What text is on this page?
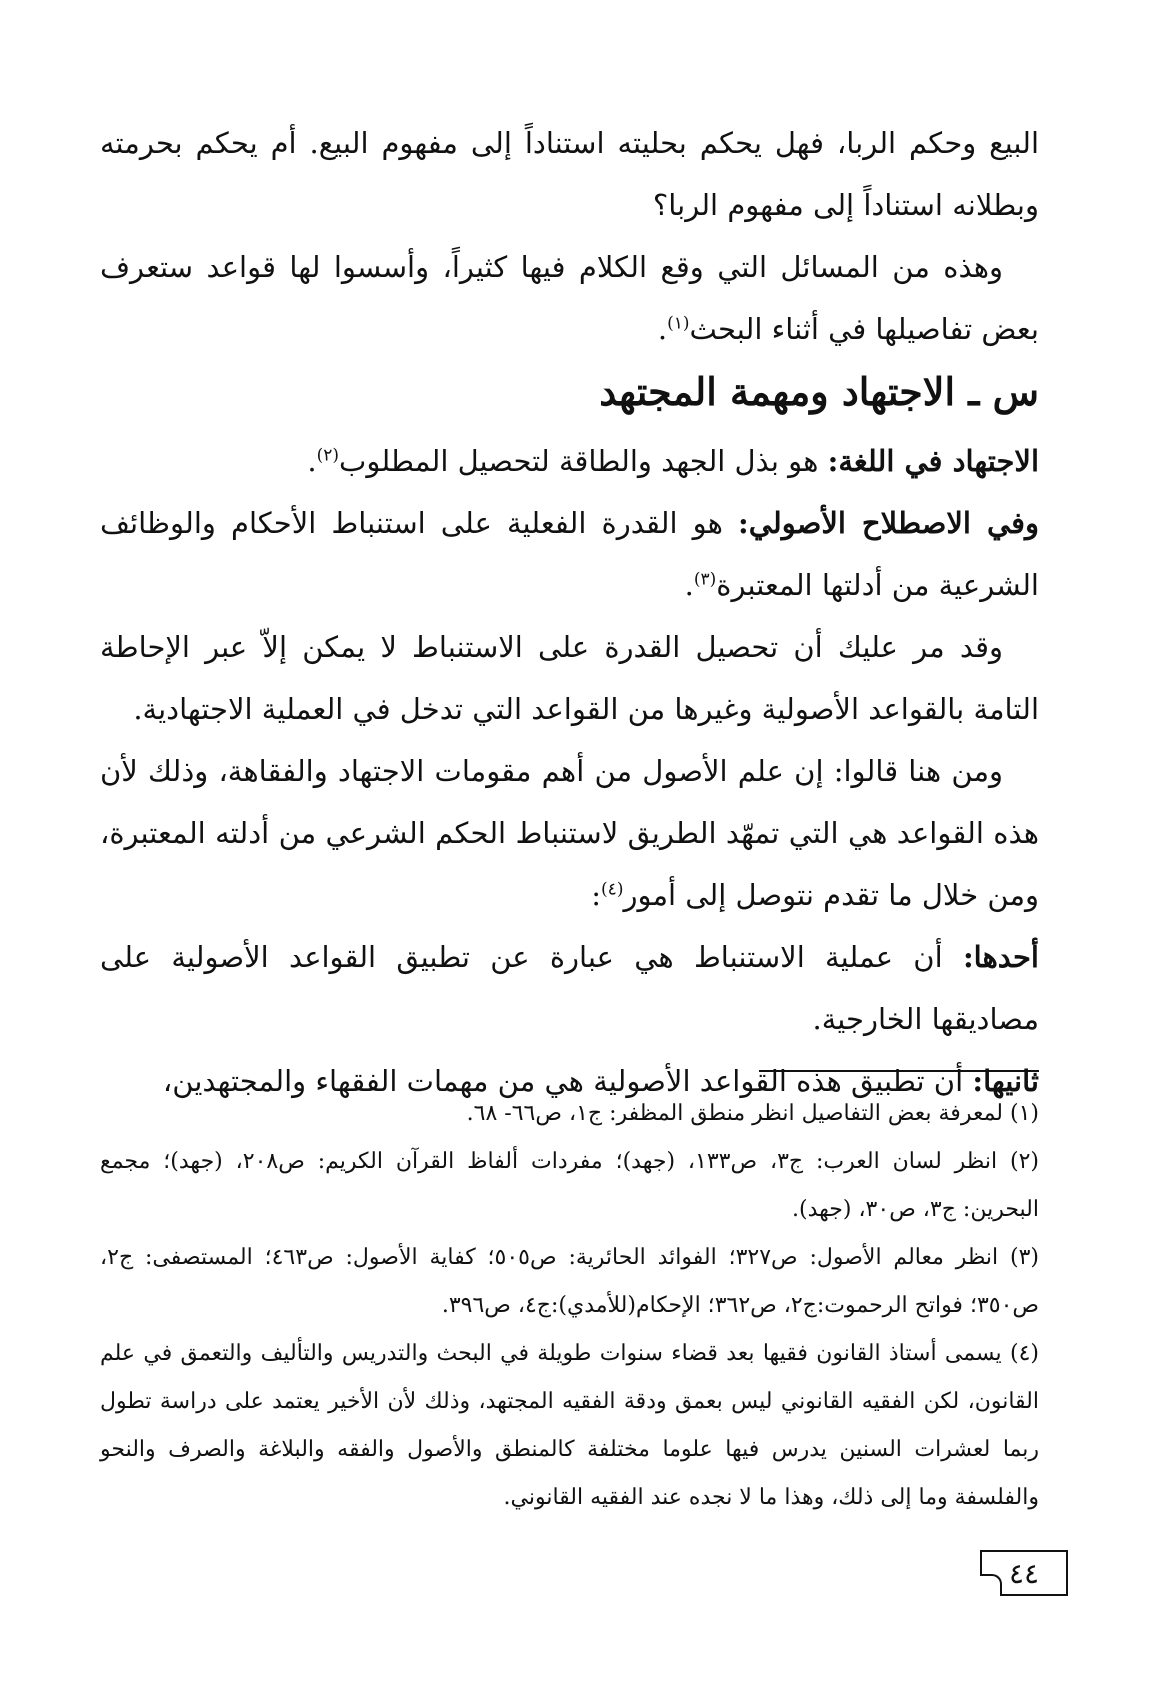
البيع وحكم الربا، فهل يحكم بحليته استناداً إلى مفهوم البيع. أم يحكم بحرمته وبطلانه استناداً إلى مفهوم الربا؟

وهذه من المسائل التي وقع الكلام فيها كثيراً، وأسسوا لها قواعد ستعرف بعض تفاصيلها في أثناء البحث$^{(١)}$.

س ـ الاجتهاد ومهمة المجتهد

الاجتهاد في اللغة: هو بذل الجهد والطاقة لتحصيل المطلوب$^{(٢)}$.

وفي الاصطلاح الأصولي: هو القدرة الفعلية على استنباط الأحكام والوظائف الشرعية من أدلتها المعتبرة$^{(٣)}$.

وقد مر عليك أن تحصيل القدرة على الاستنباط لا يمكن إلاّ عبر الإحاطة التامة بالقواعد الأصولية وغيرها من القواعد التي تدخل في العملية الاجتهادية.

ومن هنا قالوا: إن علم الأصول من أهم مقومات الاجتهاد والفقاهة، وذلك لأن هذه القواعد هي التي تمهّد الطريق لاستنباط الحكم الشرعي من أدلته المعتبرة، ومن خلال ما تقدم نتوصل إلى أمور$^{(٤)}$:

أحدها: أن عملية الاستنباط هي عبارة عن تطبيق القواعد الأصولية على مصاديقها الخارجية.

ثانيها: أن تطبيق هذه القواعد الأصولية هي من مهمات الفقهاء والمجتهدين،

(١) لمعرفة بعض التفاصيل انظر منطق المظفر: ج١، ص٦٦- ٦٨.

(٢) انظر لسان العرب: ج٣، ص١٣٣، (جهد)؛ مفردات ألفاظ القرآن الكريم: ص٢٠٨، (جهد)؛ مجمع البحرين: ج٣، ص٣٠، (جهد).

(٣) انظر معالم الأصول: ص٣٢٧؛ الفوائد الحائرية: ص٥٠٥؛ كفاية الأصول: ص٤٦٣؛ المستصفى: ج٢، ص٣٥٠؛ فواتح الرحموت:ج٢، ص٣٦٢؛ الإحكام(للأمدي):ج٤، ص٣٩٦.

(٤) يسمى أستاذ القانون فقيها بعد قضاء سنوات طويلة في البحث والتدريس والتأليف والتعمق في علم القانون، لكن الفقيه القانوني ليس بعمق ودقة الفقيه المجتهد، وذلك لأن الأخير يعتمد على دراسة تطول ربما لعشرات السنين يدرس فيها علوما مختلفة كالمنطق والأصول والفقه والبلاغة والصرف والنحو والفلسفة وما إلى ذلك، وهذا ما لا نجده عند الفقيه القانوني.

٤٤
